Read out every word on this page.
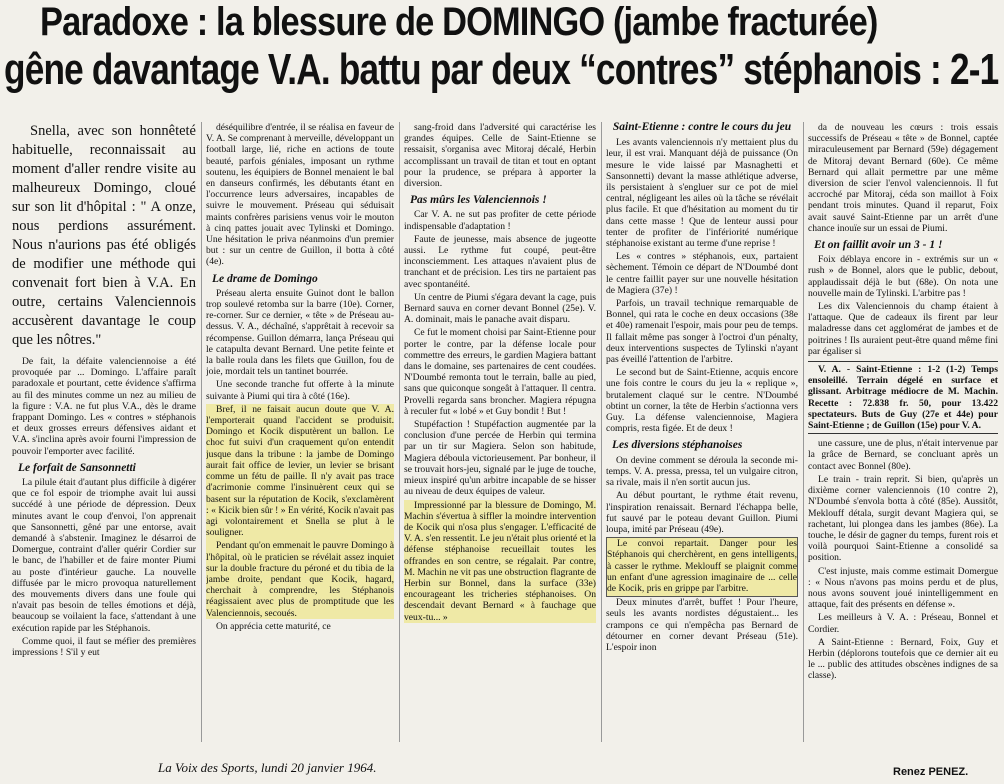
Paradoxe : la blessure de DOMINGO (jambe fracturée)
gêne davantage V.A. battu par deux “contres” stéphanois : 2-1

Snella, avec son honnêteté habituelle, reconnaissait au moment d'aller rendre visite au malheureux Domingo, cloué sur son lit d'hôpital : " A onze, nous perdions assurément. Nous n'aurions pas été obligés de modifier une méthode qui convenait fort bien à V.A. En outre, certains Valenciennois accusèrent davantage le coup que les nôtres."

De fait, la défaite valenciennoise a été provoquée par ... Domingo. L'affaire paraît paradoxale et pourtant, cette évidence s'affirma au fil des minutes comme un nez au milieu de la figure : V.A. ne fut plus V.A., dès le drame frappant Domingo. Les « contres » stéphanois et deux grosses erreurs défensives aidant et V.A. s'inclina après avoir fourni l'impression de pouvoir l'emporter avec facilité.

Le forfait de Sansonnetti

La pilule était d'autant plus difficile à digérer que ce fol espoir de triomphe avait lui aussi succédé à une période de dépression. Deux minutes avant le coup d'envoi, l'on apprenait que Sansonnetti, gêné par une entorse, avait demandé à s'abstenir. Imaginez le désarroi de Domergue, contraint d'aller quérir Cordier sur le banc, de l'habiller et de faire monter Piumi au poste d'intérieur gauche. La nouvelle diffusée par le micro provoqua naturellement des mouvements divers dans une foule qui n'avait pas besoin de telles émotions et déjà, beaucoup se voilaient la face, s'attendant à une exécution rapide par les Stéphanois.

Comme quoi, il faut se méfier des premières impressions ! S'il y eut

déséquilibre d'entrée, il se réalisa en faveur de V. A. Se comprenant à merveille, développant un football large, lié, riche en actions de toute beauté, parfois géniales, imposant un rythme soutenu, les équipiers de Bonnel menaient le bal en danseurs confirmés, les débutants étant en l'occurrence leurs adversaires, incapables de suivre le mouvement. Préseau qui séduisait maints confrères parisiens venus voir le mouton à cinq pattes jouait avec Tylinski et Domingo. Une hésitation le priva néanmoins d'un premier but : sur un centre de Guillon, il botta à côté (4e).

Le drame de Domingo

Préseau alerta ensuite Guinot dont le ballon trop soulevé retomba sur la barre (10e). Corner, re-corner. Sur ce dernier, « tête » de Préseau au-dessus. V. A., déchaîné, s'apprêtait à recevoir sa récompense. Guillon démarra, lança Préseau qui le catapulta devant Bernard. Une petite feinte et la balle roula dans les filets que Guillon, fou de joie, mordait tels un tantinet bourrée.

Une seconde tranche fut offerte à la minute suivante à Piumi qui tira à côté (16e).

Bref, il ne faisait aucun doute que V. A. l'emporterait quand l'accident se produisit. Domingo et Kocik disputèrent un ballon. Le choc fut suivi d'un craquement qu'on entendit jusque dans la tribune : la jambe de Domingo aurait fait office de levier, un levier se brisant comme un fétu de paille. Il n'y avait pas trace d'acrimonie comme l'insinuèrent ceux qui se basent sur la réputation de Kocik, s'exclamèrent : « Kicik bien sûr ! » En vérité, Kocik n'avait pas agi volontairement et Snella se plut à le souligner.

Pendant qu'on emmenait le pauvre Domingo à l'hôpital, où le praticien se révélait assez inquiet sur la double fracture du péroné et du tibia de la jambe droite, pendant que Kocik, hagard, cherchait à comprendre, les Stéphanois réagissaient avec plus de promptitude que les Valenciennois, secoués.

On apprécia cette maturité, ce

sang-froid dans l'adversité qui caractérise les grandes équipes. Celle de Saint-Etienne se ressaisit, s'organisa avec Mitoraj décalé, Herbin accomplissant un travail de titan et tout en optant pour la prudence, se prépara à apporter la diversion.

Pas mûrs les Valenciennois !

Car V. A. ne sut pas profiter de cette période indispensable d'adaptation !

Faute de jeunesse, mais absence de jugeotte aussi. Le rythme fut coupé, peut-être inconsciemment. Les attaques n'avaient plus de tranchant et de précision. Les tirs ne partaient pas avec spontanéité.

Un centre de Piumi s'égara devant la cage, puis Bernard sauva en corner devant Bonnel (25e). V. A. dominait, mais le panache avait disparu.

Ce fut le moment choisi par Saint-Etienne pour porter le contre, par la défense locale pour commettre des erreurs, le gardien Magiera battant dans le domaine, ses partenaires de cent coudées. N'Doumbé remonta tout le terrain, balle au pied, sans que quiconque songeât à l'attaquer. Il centra. Provelli regarda sans broncher. Magiera répugna à reculer fut « lobé » et Guy bondit ! But !

Stupéfaction ! Stupéfaction augmentée par la conclusion d'une percée de Herbin qui termina par un tir sur Magiera. Selon son habitude, Magiera déboula victorieusement. Par bonheur, il se trouvait hors-jeu, signalé par le juge de touche, mieux inspiré qu'un arbitre incapable de se hisser au niveau de deux équipes de valeur.

Impressionné par la blessure de Domingo, M. Machin s'évertua à siffler la moindre intervention de Kocik qui n'osa plus s'engager. L'efficacité de V. A. s'en ressentit. Le jeu n'était plus orienté et la défense stéphanoise recueillait toutes les offrandes en son centre, se régalait. Par contre, M. Machin ne vit pas une obstruction flagrante de Herbin sur Bonnel, dans la surface (33e) encourageant les tricheries stéphanoises. On descendait devant Bernard « à fauchage que veux-tu... »

Saint-Etienne : contre le cours du jeu

Les avants valenciennois n'y mettaient plus du leur, il est vrai. Manquant déjà de puissance (On mesure le vide laissé par Masnaghetti et Sansonnetti) devant la masse athlétique adverse, ils persistaient à s'engluer sur ce pot de miel central, négligeant les ailes où la tâche se révélait plus facile. Et que d'hésitation au moment du tir dans cette masse ! Que de lenteur aussi pour tenter de profiter de l'infériorité numérique stéphanoise existant au terme d'une reprise !

Les « contres » stéphanois, eux, partaient sèchement. Témoin ce départ de N'Doumbé dont le centre faillit payer sur une nouvelle hésitation de Magiera (37e) !

Parfois, un travail technique remarquable de Bonnel, qui rata le coche en deux occasions (38e et 40e) ramenait l'espoir, mais pour peu de temps. Il fallait même pas songer à l'octroi d'un pénalty, deux interventions suspectes de Tylinski n'ayant pas éveillé l'attention de l'arbitre.

Le second but de Saint-Etienne, acquis encore une fois contre le cours du jeu la « replique », brutalement claqué sur le centre. N'Doumbé obtint un corner, la tête de Herbin s'actionna vers Guy. La défense valenciennoise, Magiera compris, resta figée. Et de deux !

Les diversions stéphanoises

On devine comment se déroula la seconde mi-temps. V. A. pressa, pressa, tel un vulgaire citron, sa rivale, mais il n'en sortit aucun jus.

Au début pourtant, le rythme était revenu, l'inspiration renaissait. Bernard l'échappa belle, fut sauvé par le poteau devant Guillon. Piumi loupa, imité par Préseau (49e).

Le convoi repartait. Danger pour les Stéphanois qui cherchèrent, en gens intelligents, à casser le rythme. Meklouff se plaignit comme un enfant d'une agression imaginaire de ... celle de Kocik, pris en grippe par l'arbitre.

Deux minutes d'arrêt, buffet ! Pour l'heure, seuls les avants nordistes dégustaient... les crampons ce qui n'empêcha pas Bernard de détourner en corner devant Préseau (51e). L'espoir inon

da de nouveau les cœurs : trois essais successifs de Préseau « tête » de Bonnel, captée miraculeusement par Bernard (59e) dégagement de Mitoraj devant Bernard (60e). Ce même Bernard qui allait permettre par une même diversion de scier l'envol valenciennois. Il fut accroché par Mitoraj, céda son maillot à Foix pendant trois minutes. Quand il reparut, Foix avait sauvé Saint-Etienne par un arrêt d'une chance inouïe sur un essai de Piumi.

Et on faillit avoir un 3 - 1 !

Foix déblaya encore in - extrémis sur un « rush » de Bonnel, alors que le public, debout, applaudissait déjà le but (68e). On nota une nouvelle main de Tylinski. L'arbitre pas !

Les dix Valenciennois du champ étaient à l'attaque. Que de cadeaux ils firent par leur maladresse dans cet agglomérat de jambes et de poitrines ! Ils auraient peut-être quand même fini par égaliser si

V. A. - Saint-Etienne : 1-2 (1-2) Temps ensoleillé. Terrain dégelé en surface et glissant. Arbitrage médiocre de M. Machin. Recette : 72.838 fr. 50, pour 13.422 spectateurs. Buts de Guy (27e et 44e) pour Saint-Etienne ; de Guillon (15e) pour V. A.

une cassure, une de plus, n'était intervenue par la grâce de Bernard, se concluant après un contact avec Bonnel (80e).

Le train - train reprit. Si bien, qu'après un dixième corner valenciennois (10 contre 2), N'Doumbé s'envola botta à côté (85e). Aussitôt, Meklouff détala, surgit devant Magiera qui, se rachetant, lui plongea dans les jambes (86e). La touche, le désir de gagner du temps, furent rois et voilà pourquoi Saint-Etienne a consolidé sa position.

C'est injuste, mais comme estimait Domergue : « Nous n'avons pas moins perdu et de plus, nous avons souvent joué inintelligemment en attaque, fait des présents en défense ».

Les meilleurs à V. A. : Préseau, Bonnel et Cordier.

A Saint-Etienne : Bernard, Foix, Guy et Herbin (déplorons toutefois que ce dernier ait eu le ... public des attitudes obscènes indignes de sa classe).

La Voix des Sports, lundi 20 janvier 1964.	Renez PENEZ.
